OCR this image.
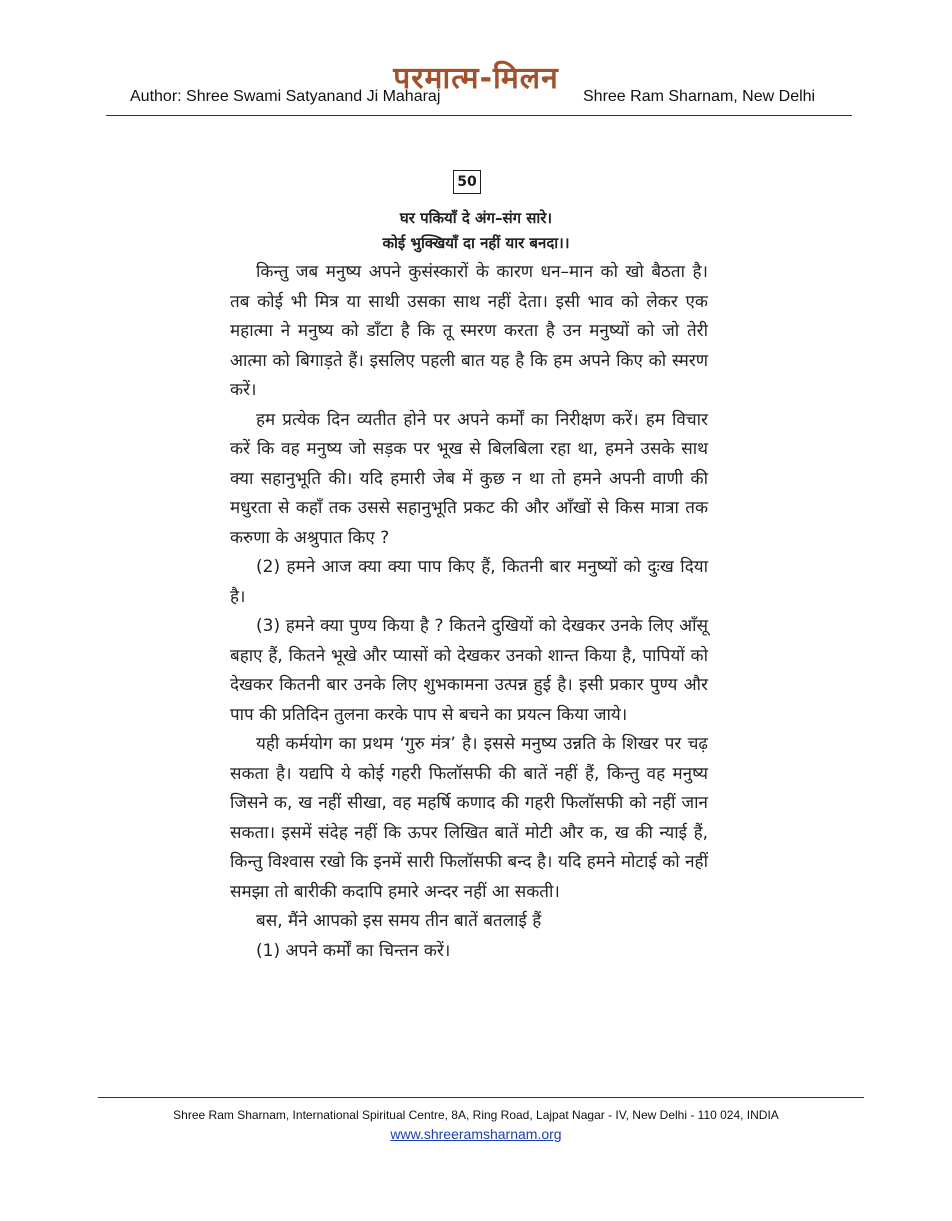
परमात्म-मिलन
Author: Shree Swami Satyanand Ji Maharaj	Shree Ram Sharnam, New Delhi
50
घर पकियाँ दे अंग–संग सारे।
कोई भुक्खियाँ दा नहीं यार बनदा।।

किन्तु जब मनुष्य अपने कुसंस्कारों के कारण धन–मान को खो बैठता है। तब कोई भी मित्र या साथी उसका साथ नहीं देता। इसी भाव को लेकर एक महात्मा ने मनुष्य को डाँटा है कि तू स्मरण करता है उन मनुष्यों को जो तेरी आत्मा को बिगाड़ते हैं। इसलिए पहली बात यह है कि हम अपने किए को स्मरण करें।

हम प्रत्येक दिन व्यतीत होने पर अपने कर्मों का निरीक्षण करें। हम विचार करें कि वह मनुष्य जो सड़क पर भूख से बिलबिला रहा था, हमने उसके साथ क्या सहानुभूति की। यदि हमारी जेब में कुछ न था तो हमने अपनी वाणी की मधुरता से कहाँ तक उससे सहानुभूति प्रकट की और आँखों से किस मात्रा तक करुणा के अश्रुपात किए ?

(2) हमने आज क्या क्या पाप किए हैं, कितनी बार मनुष्यों को दुःख दिया है।

(3) हमने क्या पुण्य किया है ? कितने दुखियों को देखकर उनके लिए आँसू बहाए हैं, कितने भूखे और प्यासों को देखकर उनको शान्त किया है, पापियों को देखकर कितनी बार उनके लिए शुभकामना उत्पन्न हुई है। इसी प्रकार पुण्य और पाप की प्रतिदिन तुलना करके पाप से बचने का प्रयत्न किया जाये।

यही कर्मयोग का प्रथम ‘गुरु मंत्र’ है। इससे मनुष्य उन्नति के शिखर पर चढ़ सकता है। यद्यपि ये कोई गहरी फिलॉसफी की बातें नहीं हैं, किन्तु वह मनुष्य जिसने क, ख नहीं सीखा, वह महर्षि कणाद की गहरी फिलॉसफी को नहीं जान सकता। इसमें संदेह नहीं कि ऊपर लिखित बातें मोटी और क, ख की न्याई हैं, किन्तु विश्वास रखो कि इनमें सारी फिलॉसफी बन्द है। यदि हमने मोटाई को नहीं समझा तो बारीकी कदापि हमारे अन्दर नहीं आ सकती।

बस, मैंने आपको इस समय तीन बातें बतलाई हैं

(1) अपने कर्मों का चिन्तन करें।

Shree Ram Sharnam, International Spiritual Centre, 8A, Ring Road, Lajpat Nagar - IV, New Delhi - 110 024, INDIA
www.shreeramsharnam.org
